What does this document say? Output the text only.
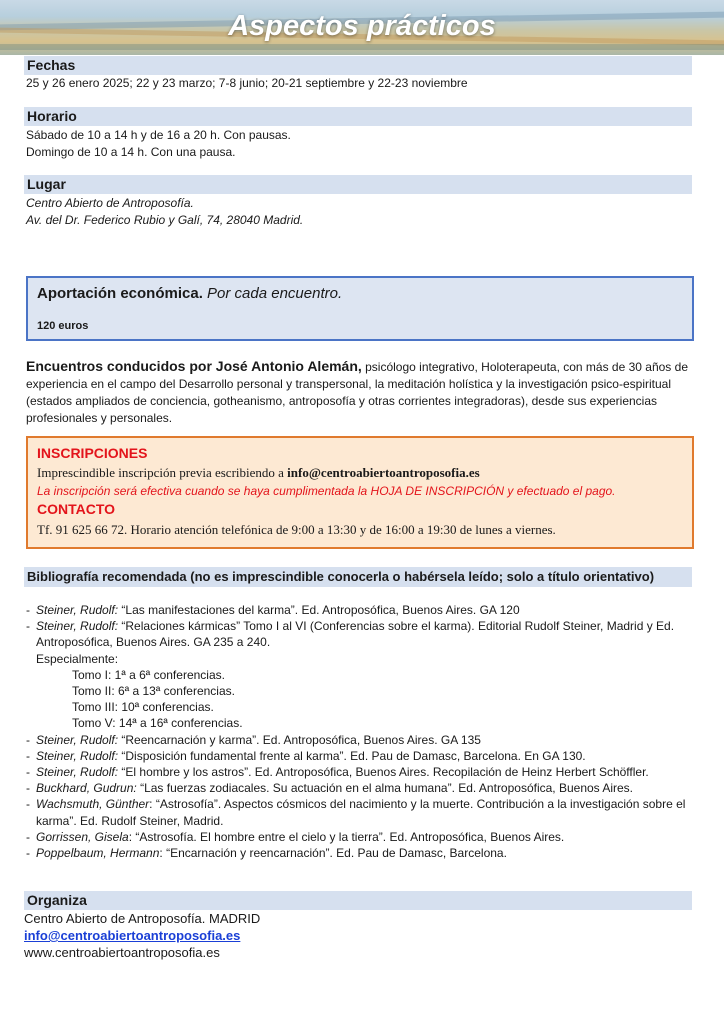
Aspectos prácticos
Fechas
25 y 26 enero 2025; 22 y 23 marzo; 7-8 junio; 20-21 septiembre y 22-23 noviembre
Horario
Sábado de 10 a 14 h y de 16 a 20 h. Con pausas.
Domingo de 10 a 14 h. Con una pausa.
Lugar
Centro Abierto de Antroposofía.
Av. del Dr. Federico Rubio y Galí, 74, 28040 Madrid.
Aportación económica. Por cada encuentro.
120 euros
Encuentros conducidos por José Antonio Alemán, psicólogo integrativo, Holoterapeuta, con más de 30 años de experiencia en el campo del Desarrollo personal y transpersonal, la meditación holística y la investigación psico-espiritual (estados ampliados de conciencia, gotheanismo, antroposofía y otras corrientes integradoras), desde sus experiencias profesionales y personales.
INSCRIPCIONES
Imprescindible inscripción previa escribiendo a info@centroabiertoantroposofia.es
La inscripción será efectiva cuando se haya cumplimentada la HOJA DE INSCRIPCIÓN y efectuado el pago.
CONTACTO
Tf. 91 625 66 72. Horario atención telefónica de 9:00 a 13:30 y de 16:00 a 19:30 de lunes a viernes.
Bibliografía recomendada (no es imprescindible conocerla o habérsela leído; solo a título orientativo)
- Steiner, Rudolf: “Las manifestaciones del karma”. Ed. Antroposófica, Buenos Aires. GA 120
- Steiner, Rudolf: “Relaciones kármicas” Tomo I al VI (Conferencias sobre el karma). Editorial Rudolf Steiner, Madrid y Ed. Antroposófica, Buenos Aires. GA 235 a 240.
Especialmente:
Tomo I: 1ª a 6ª conferencias.
Tomo II: 6ª a 13ª conferencias.
Tomo III: 10ª conferencias.
Tomo V: 14ª a 16ª conferencias.
- Steiner, Rudolf: “Reencarnación y karma”. Ed. Antroposófica, Buenos Aires. GA 135
- Steiner, Rudolf: “Disposición fundamental frente al karma”. Ed. Pau de Damasc, Barcelona. En GA 130.
- Steiner, Rudolf: “El hombre y los astros”. Ed. Antroposófica, Buenos Aires. Recopilación de Heinz Herbert Schöffler.
- Buckhard, Gudrun: “Las fuerzas zodiacales. Su actuación en el alma humana”. Ed. Antroposófica, Buenos Aires.
- Wachsmuth, Günther: “Astrosofía”. Aspectos cósmicos del nacimiento y la muerte. Contribución a la investigación sobre el karma”. Ed. Rudolf Steiner, Madrid.
- Gorrissen, Gisela: “Astrosofía. El hombre entre el cielo y la tierra”. Ed. Antroposófica, Buenos Aires.
- Poppelbaum, Hermann: “Encarnación y reencarnación”. Ed. Pau de Damasc, Barcelona.
Organiza
Centro Abierto de Antroposofía. MADRID
info@centroabiertoantroposofia.es
www.centroabiertoantroposofia.es
